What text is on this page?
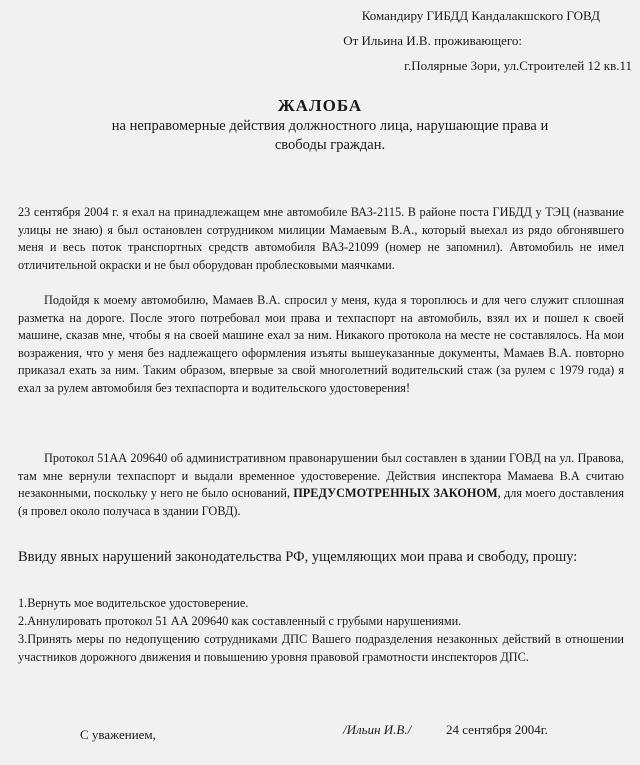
Командиру ГИБДД Кандалакшского ГОВД
От Ильина И.В. проживающего:
г.Полярные Зори, ул.Строителей 12 кв.11
ЖАЛОБА
на неправомерные действия должностного лица, нарушающие права и
свободы граждан.

23 сентября 2004 г. я ехал на принадлежащем мне автомобиле ВАЗ-2115. В районе поста ГИБДД у ТЭЦ (название улицы не знаю) я был остановлен сотрудником милиции Мамаевым В.А., который выехал из рядо обгонявшего меня и весь поток транспортных средств автомобиля ВАЗ-21099 (номер не запомнил). Автомобиль не имел отличительной окраски и не был оборудован проблесковыми маячками.

Подойдя к моему автомобилю, Мамаев В.А. спросил у меня, куда я тороплюсь и для чего служит сплошная разметка на дороге. После этого потребовал мои права и техпаспорт на автомобиль, взял их и пошел к своей машине, сказав мне, чтобы я на своей машине ехал за ним. Никакого протокола на месте не составлялось. На мои возражения, что у меня без надлежащего оформления изъяты вышеуказанные документы, Мамаев В.А. повторно приказал ехать за ним. Таким образом, впервые за свой многолетний водительский стаж (за рулем с 1979 года) я ехал за рулем автомобиля без техпаспорта и водительского удостоверения!

Протокол 51АА 209640 об административном правонарушении был составлен в здании ГОВД на ул. Правова, там мне вернули техпаспорт и выдали временное удостоверение. Действия инспектора Мамаева В.А считаю незаконными, поскольку у него не было оснований, ПРЕДУСМОТРЕННЫХ ЗАКОНОМ, для моего доставления (я провел около получаса в здании ГОВД).

Ввиду явных нарушений законодательства РФ, ущемляющих мои права и свободу, прошу:

1.Вернуть мое водительское удостоверение.

2.Аннулировать протокол 51 АА 209640 как составленный с грубыми нарушениями.

3.Принять меры по недопущению сотрудниками ДПС Вашего подразделения незаконных действий в отношении участников дорожного движения и повышению уровня правовой грамотности инспекторов ДПС.

С уважением,	/Ильин И.В./	24 сентября 2004г.
